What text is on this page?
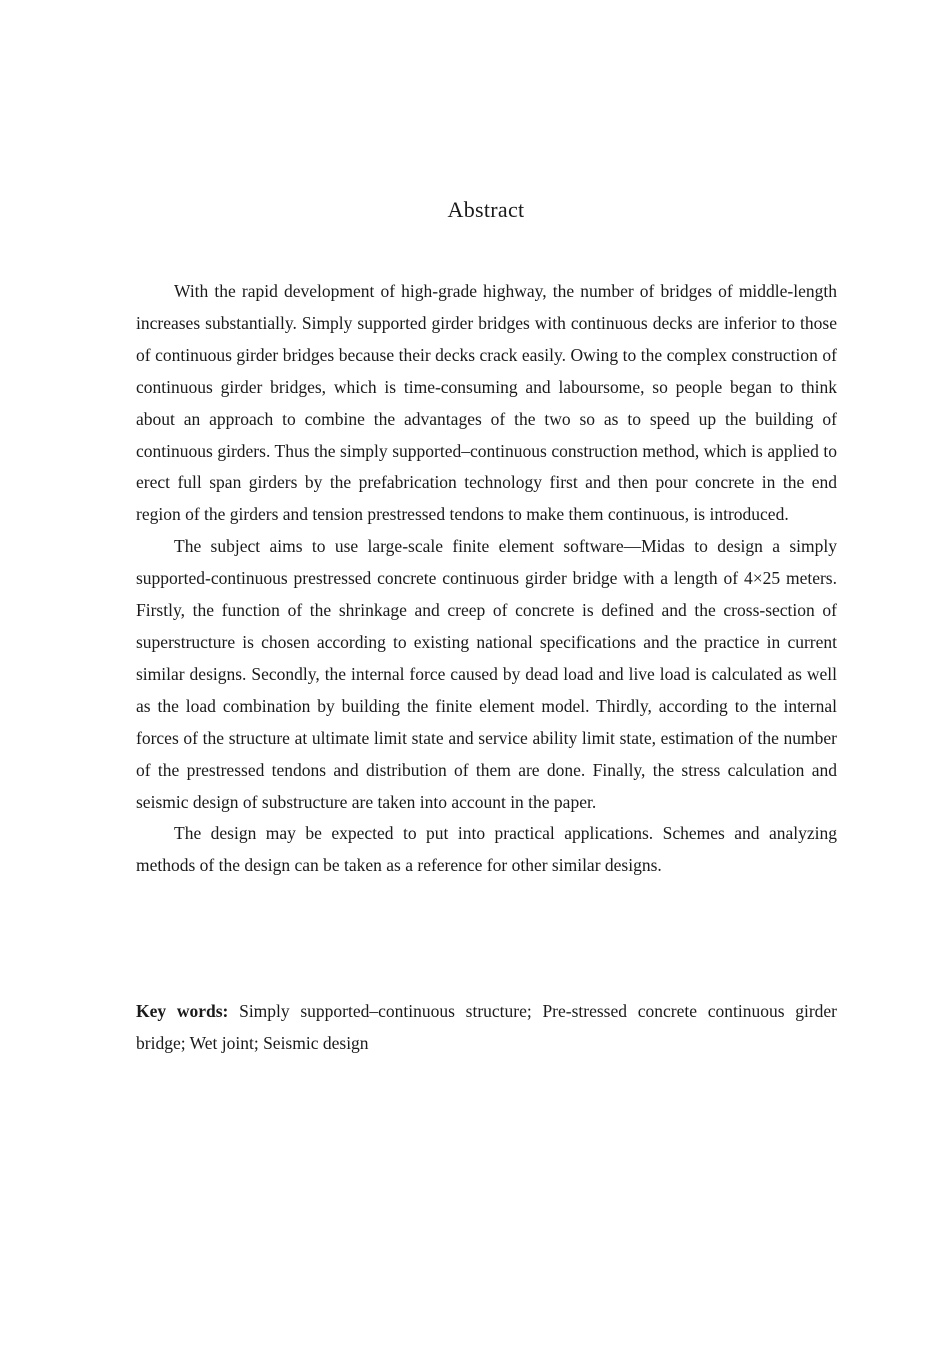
Abstract

With the rapid development of high-grade highway, the number of bridges of middle-length increases substantially. Simply supported girder bridges with continuous decks are inferior to those of continuous girder bridges because their decks crack easily. Owing to the complex construction of continuous girder bridges, which is time-consuming and laboursome, so people began to think about an approach to combine the advantages of the two so as to speed up the building of continuous girders. Thus the simply supported–continuous construction method, which is applied to erect full span girders by the prefabrication technology first and then pour concrete in the end region of the girders and tension prestressed tendons to make them continuous, is introduced.

The subject aims to use large-scale finite element software—Midas to design a simply supported-continuous prestressed concrete continuous girder bridge with a length of 4×25 meters. Firstly, the function of the shrinkage and creep of concrete is defined and the cross-section of superstructure is chosen according to existing national specifications and the practice in current similar designs. Secondly, the internal force caused by dead load and live load is calculated as well as the load combination by building the finite element model. Thirdly, according to the internal forces of the structure at ultimate limit state and service ability limit state, estimation of the number of the prestressed tendons and distribution of them are done. Finally, the stress calculation and seismic design of substructure are taken into account in the paper.

The design may be expected to put into practical applications. Schemes and analyzing methods of the design can be taken as a reference for other similar designs.

Key words: Simply supported–continuous structure; Pre-stressed concrete continuous girder bridge; Wet joint; Seismic design
